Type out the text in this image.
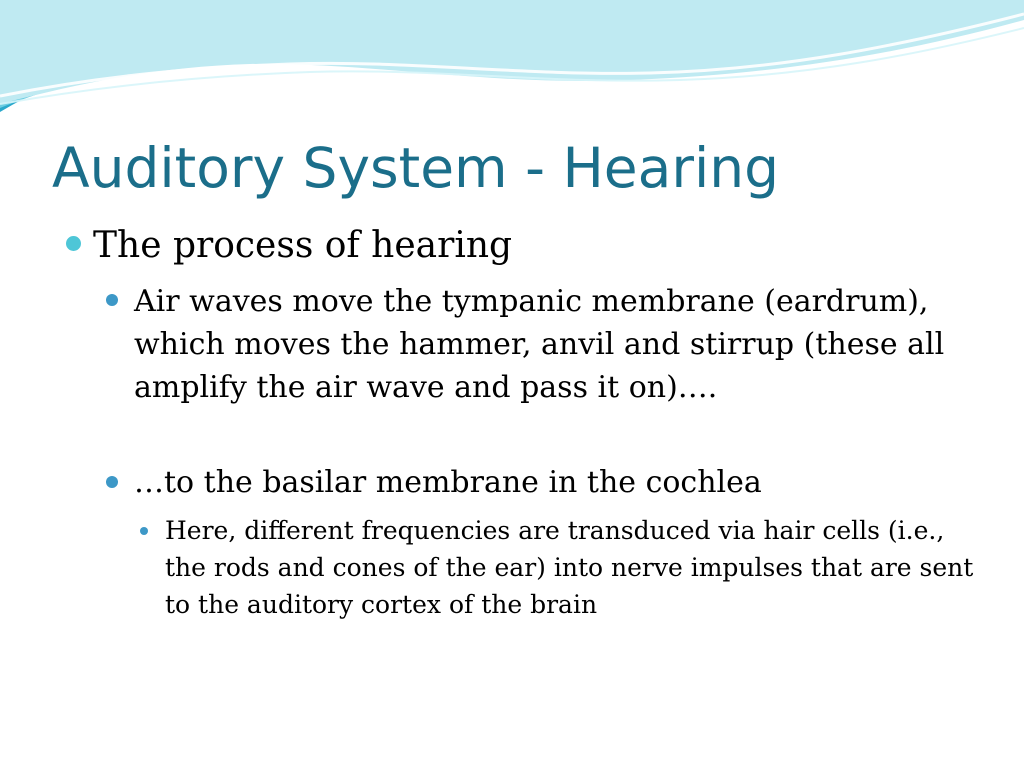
Auditory System - Hearing
The process of hearing
Air waves move the tympanic membrane (eardrum), which moves the hammer, anvil and stirrup (these all amplify the air wave and pass it on)….
…to the basilar membrane in the cochlea
Here, different frequencies are transduced via hair cells (i.e., the rods and cones of the ear) into nerve impulses that are sent to the auditory cortex of the brain
